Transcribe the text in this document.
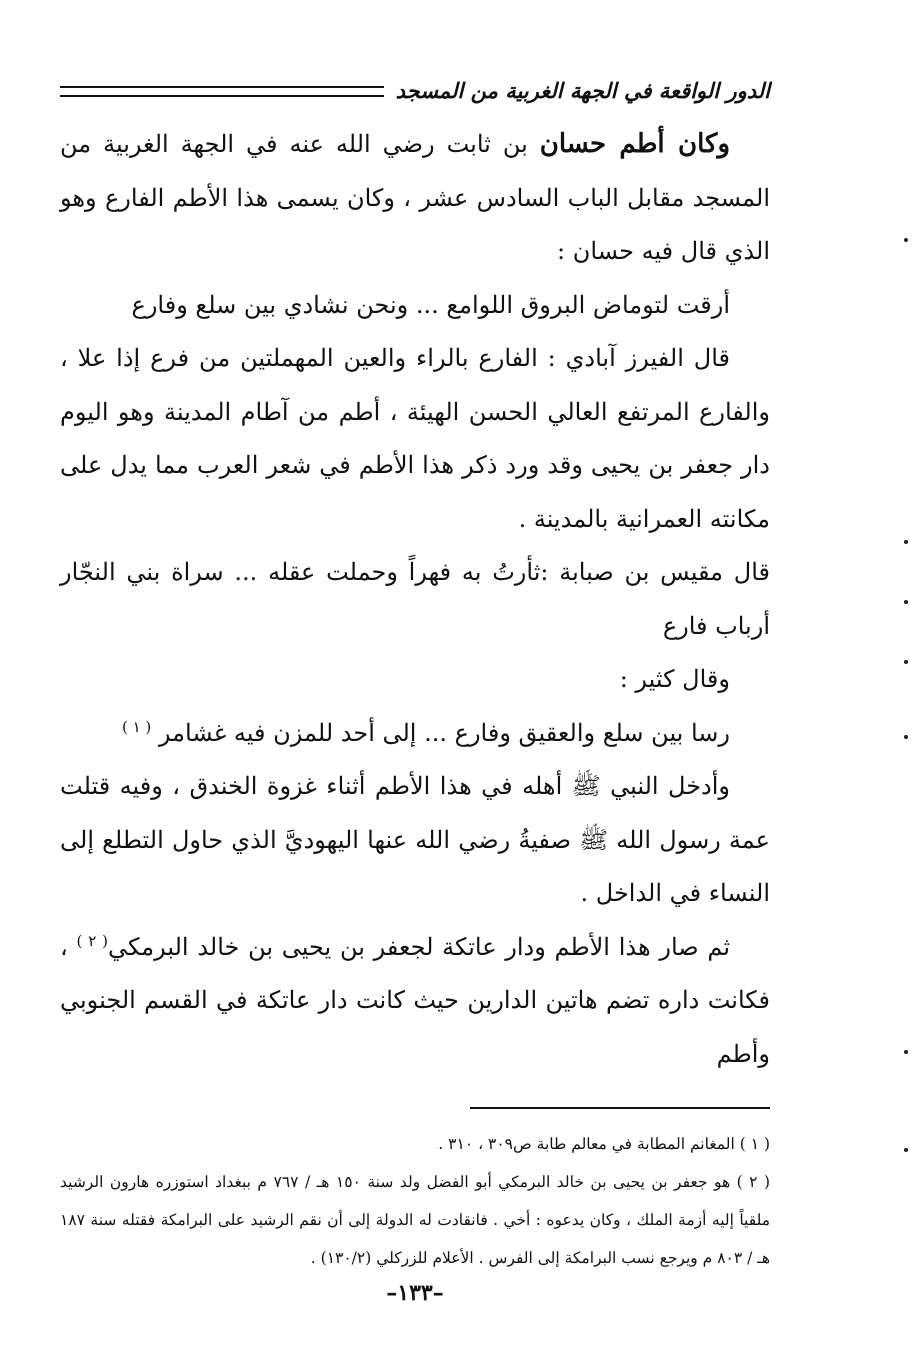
الدور الواقعة في الجهة الغربية من المسجد

وكان أطم حسان بن ثابت رضي الله عنه في الجهة الغربية من المسجد مقابل الباب السادس عشر ، وكان يسمى هذا الأطم الفارع وهو الذي قال فيه حسان :

أرقت لتوماض البروق اللوامع ... ونحن نشادي بين سلع وفارع

قال الفيرز آبادي : الفارع بالراء والعين المهملتين من فرع إذا علا ، والفارع المرتفع العالي الحسن الهيئة ، أطم من آطام المدينة وهو اليوم دار جعفر بن يحيى وقد ورد ذكر هذا الأطم في شعر العرب مما يدل على مكانته العمرانية بالمدينة .

قال مقيس بن صبابة :ثأرتُ به فهراً وحملت عقله ... سراة بني النجّار أرباب فارع

وقال كثير :

رسا بين سلع والعقيق وفارع ... إلى أحد للمزن فيه غشامر $^{( ١ )}$

وأدخل النبي ﷺ أهله في هذا الأطم أثناء غزوة الخندق ، وفيه قتلت عمة رسول الله ﷺ صفيةُ رضي الله عنها اليهوديَّ الذي حاول التطلع إلى النساء في الداخل .

ثم صار هذا الأطم ودار عاتكة لجعفر بن يحيى بن خالد البرمكي$^{( ٢ )}$ ، فكانت داره تضم هاتين الدارين حيث كانت دار عاتكة في القسم الجنوبي وأطم

( ١ ) المغانم المطابة في معالم طابة ص٣٠٩ ، ٣١٠ .

( ٢ ) هو جعفر بن يحيى بن خالد البرمكي أبو الفضل ولد سنة ١٥٠ هـ / ٧٦٧ م ببغداد استوزره هارون الرشيد ملقياً إليه أزمة الملك ، وكان يدعوه : أخي . فانقادت له الدولة إلى أن نقم الرشيد على البرامكة فقتله سنة ١٨٧ هـ / ٨٠٣ م ويرجع نسب البرامكة إلى الفرس . الأعلام للزركلي (١٣٠/٢) .

–١٣٣–
